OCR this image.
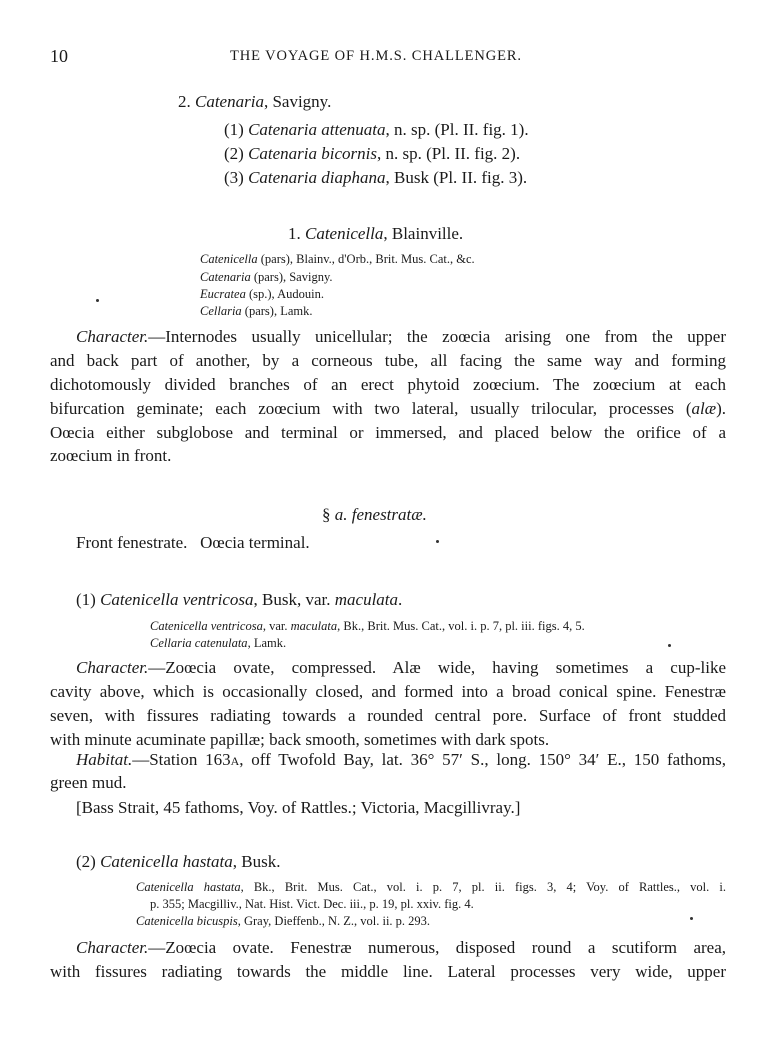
10	THE VOYAGE OF H.M.S. CHALLENGER.
2. Catenaria, Savigny.
(1) Catenaria attenuata, n. sp. (Pl. II. fig. 1).
(2) Catenaria bicornis, n. sp. (Pl. II. fig. 2).
(3) Catenaria diaphana, Busk (Pl. II. fig. 3).
1. Catenicella, Blainville.
Catenicella (pars), Blainv., d'Orb., Brit. Mus. Cat., &c.
Catenaria (pars), Savigny.
Eucratea (sp.), Audouin.
Cellaria (pars), Lamk.
Character.—Internodes usually unicellular; the zoœcia arising one from the upper
and back part of another, by a corneous tube, all facing the same way and forming
dichotomously divided branches of an erect phytoid zoœcium. The zoœcium at each
bifurcation geminate; each zoœcium with two lateral, usually trilocular, processes (alæ).
Oœcia either subglobose and terminal or immersed, and placed below the orifice of a
zoœcium in front.
§ a. fenestratæ.
Front fenestrate.   Oœcia terminal.
(1) Catenicella ventricosa, Busk, var. maculata.
Catenicella ventricosa, var. maculata, Bk., Brit. Mus. Cat., vol. i. p. 7, pl. iii. figs. 4, 5.
Cellaria catenulata, Lamk.
Character.—Zoœcia ovate, compressed. Alæ wide, having sometimes a cup-like
cavity above, which is occasionally closed, and formed into a broad conical spine. Fenestræ
seven, with fissures radiating towards a rounded central pore. Surface of front studded
with minute acuminate papillæ; back smooth, sometimes with dark spots.
Habitat.—Station 163A, off Twofold Bay, lat. 36° 57′ S., long. 150° 34′ E., 150 fathoms,
green mud.
[Bass Strait, 45 fathoms, Voy. of Rattles.; Victoria, Macgillivray.]
(2) Catenicella hastata, Busk.
Catenicella hastata, Bk., Brit. Mus. Cat., vol. i. p. 7, pl. ii. figs. 3, 4; Voy. of Rattles., vol. i.
p. 355; Macgilliv., Nat. Hist. Vict. Dec. iii., p. 19, pl. xxiv. fig. 4.
Catenicella bicuspis, Gray, Dieffenb., N. Z., vol. ii. p. 293.
Character.—Zoœcia ovate. Fenestræ numerous, disposed round a scutiform area,
with fissures radiating towards the middle line. Lateral processes very wide, upper
